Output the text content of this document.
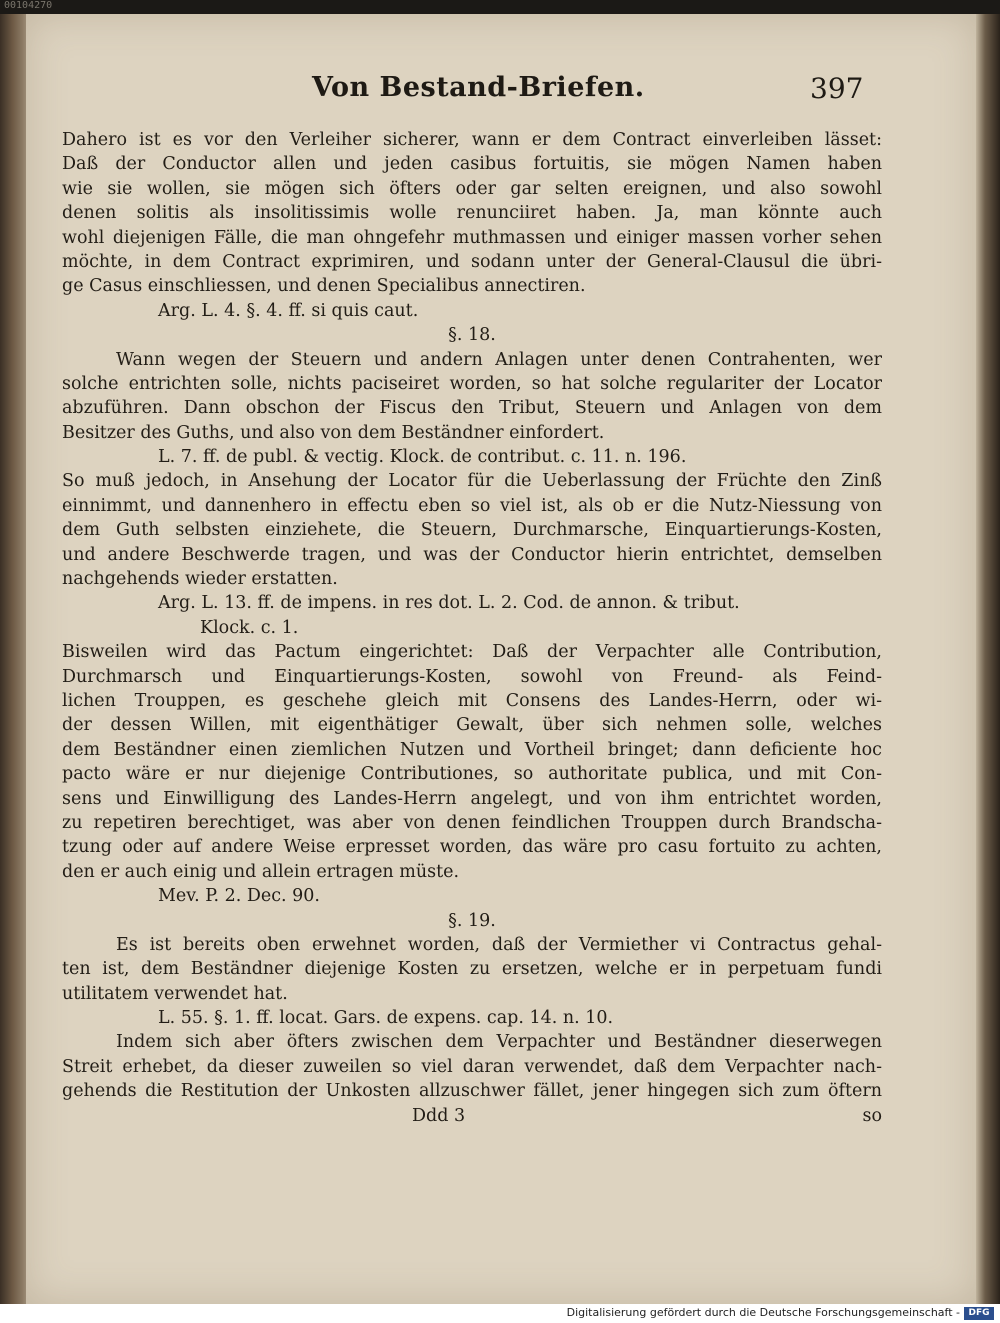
00104270
Von Bestand-Briefen.	397
Dahero ist es vor den Verleiher sicherer, wann er dem Contract einverleiben lässet:
Daß der Conductor allen und jeden casibus fortuitis, sie mögen Namen haben
wie sie wollen, sie mögen sich öfters oder gar selten ereignen, und also sowohl
denen solitis als insolitissimis wolle renunciiret haben. Ja, man könnte auch
wohl diejenigen Fälle, die man ohngefehr muthmassen und einiger massen vorher sehen
möchte, in dem Contract exprimiren, und sodann unter der General-Clausul die übri-
ge Casus einschliessen, und denen Specialibus annectiren.
Arg. L. 4. §. 4. ff. si quis caut.
§. 18.
Wann wegen der Steuern und andern Anlagen unter denen Contrahenten, wer
solche entrichten solle, nichts paciseiret worden, so hat solche regulariter der Locator
abzuführen. Dann obschon der Fiscus den Tribut, Steuern und Anlagen von dem
Besitzer des Guths, und also von dem Beständner einfordert.
L. 7. ff. de publ. & vectig. Klock. de contribut. c. 11. n. 196.
So muß jedoch, in Ansehung der Locator für die Ueberlassung der Früchte den Zinß
einnimmt, und dannenhero in effectu eben so viel ist, als ob er die Nutz-Niessung von
dem Guth selbsten einziehete, die Steuern, Durchmarsche, Einquartierungs-Kosten,
und andere Beschwerde tragen, und was der Conductor hierin entrichtet, demselben
nachgehends wieder erstatten.
Arg. L. 13. ff. de impens. in res dot. L. 2. Cod. de annon. & tribut.
Klock. c. 1.
Bisweilen wird das Pactum eingerichtet: Daß der Verpachter alle Contribution,
Durchmarsch und Einquartierungs-Kosten, sowohl von Freund- als Feind-
lichen Trouppen, es geschehe gleich mit Consens des Landes-Herrn, oder wi-
der dessen Willen, mit eigenthätiger Gewalt, über sich nehmen solle, welches
dem Beständner einen ziemlichen Nutzen und Vortheil bringet; dann deficiente hoc
pacto wäre er nur diejenige Contributiones, so authoritate publica, und mit Con-
sens und Einwilligung des Landes-Herrn angelegt, und von ihm entrichtet worden,
zu repetiren berechtiget, was aber von denen feindlichen Trouppen durch Brandscha-
tzung oder auf andere Weise erpresset worden, das wäre pro casu fortuito zu achten,
den er auch einig und allein ertragen müste.
Mev. P. 2. Dec. 90.
§. 19.
Es ist bereits oben erwehnet worden, daß der Vermiether vi Contractus gehal-
ten ist, dem Beständner diejenige Kosten zu ersetzen, welche er in perpetuam fundi
utilitatem verwendet hat.
L. 55. §. 1. ff. locat. Gars. de expens. cap. 14. n. 10.
Indem sich aber öfters zwischen dem Verpachter und Beständner dieserwegen
Streit erhebet, da dieser zuweilen so viel daran verwendet, daß dem Verpachter nach-
gehends die Restitution der Unkosten allzuschwer fället, jener hingegen sich zum öftern
Ddd 3	so
Digitalisierung gefördert durch die Deutsche Forschungsgemeinschaft - DFG
